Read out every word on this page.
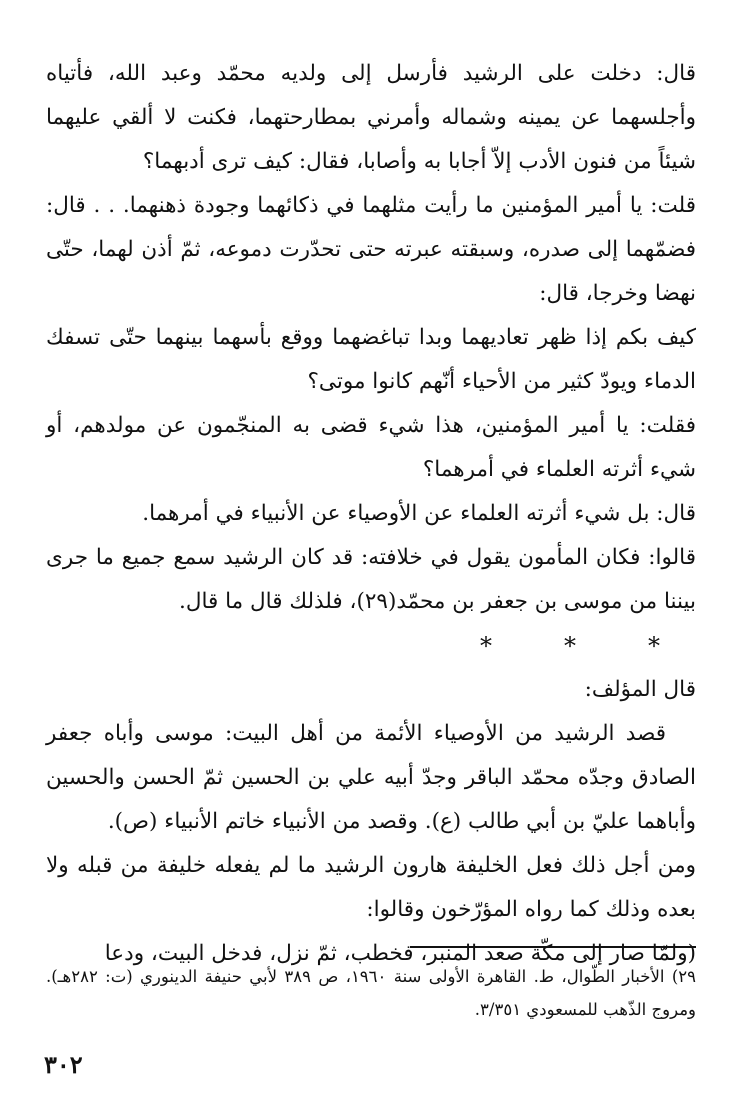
قال: دخلت على الرشيد فأرسل إلى ولديه محمّد وعبد الله، فأتياه وأجلسهما عن يمينه وشماله وأمرني بمطارحتهما، فكنت لا ألقي عليهما شيئاً من فنون الأدب إلاّ أجابا به وأصابا، فقال: كيف ترى أدبهما؟

قلت: يا أمير المؤمنين ما رأيت مثلهما في ذكائهما وجودة ذهنهما. . . قال: فضمّهما إلى صدره، وسبقته عبرته حتى تحدّرت دموعه، ثمّ أذن لهما، حتّى نهضا وخرجا، قال:

كيف بكم إذا ظهر تعاديهما وبدا تباغضهما ووقع بأسهما بينهما حتّى تسفك الدماء ويودّ كثير من الأحياء أنّهم كانوا موتى؟

فقلت: يا أمير المؤمنين، هذا شيء قضى به المنجّمون عن مولدهم، أو شيء أثرته العلماء في أمرهما؟

قال: بل شيء أثرته العلماء عن الأوصياء عن الأنبياء في أمرهما.

قالوا: فكان المأمون يقول في خلافته: قد كان الرشيد سمع جميع ما جرى بيننا من موسى بن جعفر بن محمّد(٢٩)، فلذلك قال ما قال.

***

قال المؤلف:

قصد الرشيد من الأوصياء الأئمة من أهل البيت: موسى وأباه جعفر الصادق وجدّه محمّد الباقر وجدّ أبيه علي بن الحسين ثمّ الحسن والحسين وأباهما عليّ بن أبي طالب (ع). وقصد من الأنبياء خاتم الأنبياء (ص).

ومن أجل ذلك فعل الخليفة هارون الرشيد ما لم يفعله خليفة من قبله ولا بعده وذلك كما رواه المؤرّخون وقالوا:

(ولمّا صار إلى مكّة صعد المنبر، فخطب، ثمّ نزل، فدخل البيت، ودعا

٢٩) الأخبار الطّوال، ط. القاهرة الأولى سنة ١٩٦٠، ص ٣٨٩ لأبي حنيفة الدينوري (ت: ٢٨٢هـ). ومروج الذّهب للمسعودي ٣/٣٥١.

٣٠٢
